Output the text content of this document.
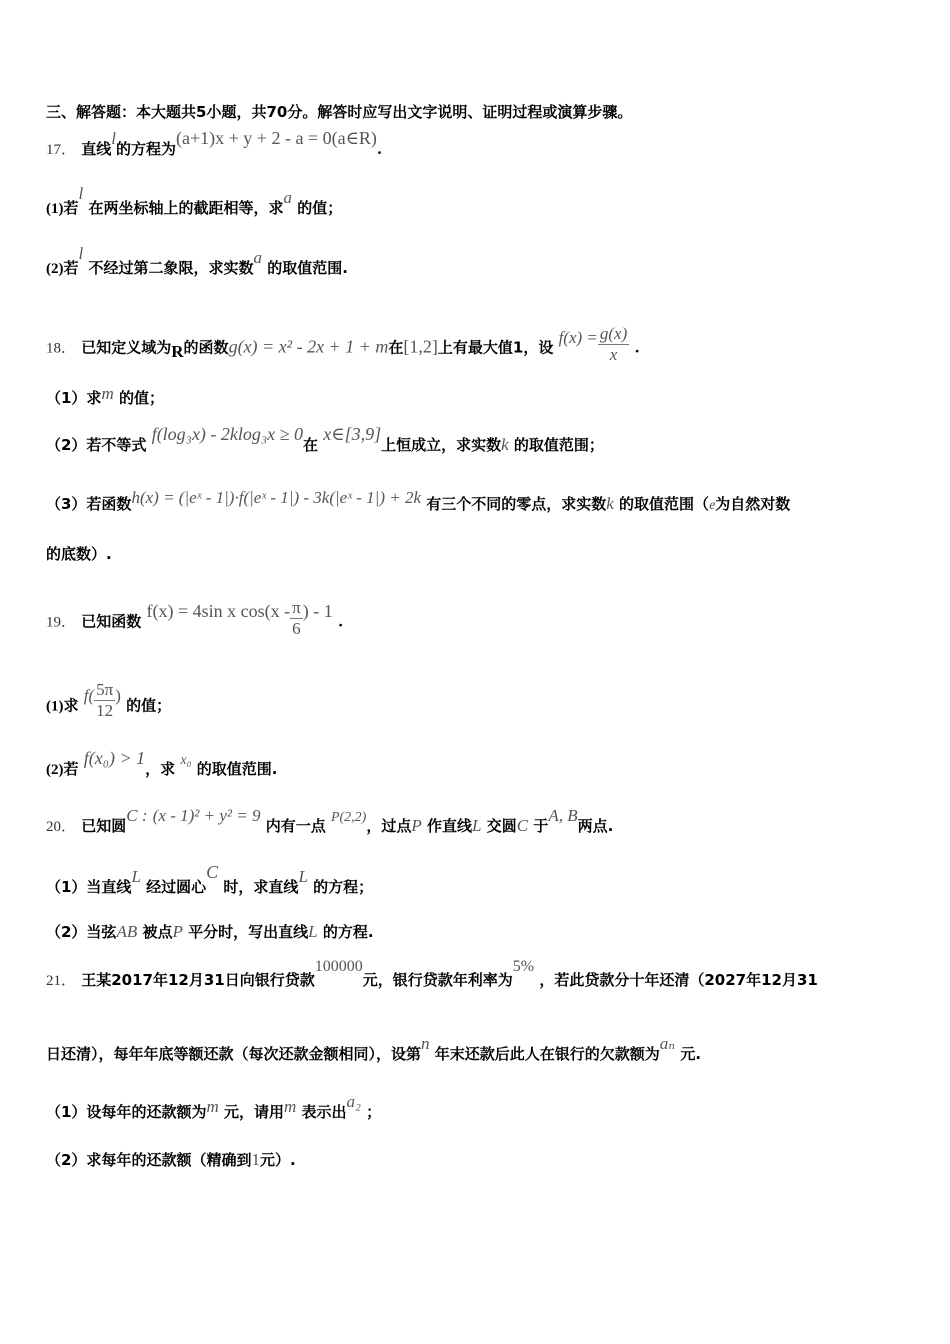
三、解答题：本大题共5小题，共70分。解答时应写出文字说明、证明过程或演算步骤。
17． 直线l的方程为(a+1)x + y + 2 - a = 0(a∈R).
(1)若l 在两坐标轴上的截距相等，求a 的值；
(2)若l 不经过第二象限，求实数a 的取值范围.
18． 已知定义域为R的函数g(x) = x² - 2x + 1 + m在[1,2]上有最大值1，设 $f(x) = \frac{g(x)}{x}$ .
（1）求m 的值；
（2）若不等式 f(log₃x) - 2klog₃x ≥ 0在 x∈[3,9]上恒成立，求实数k 的取值范围；
（3）若函数h(x) = (|eˣ - 1|)·f(|eˣ - 1|) - 3k(|eˣ - 1|) + 2k 有三个不同的零点，求实数k 的取值范围（e为自然对数
的底数）.
19． 已知函数 f(x) = 4sin x $\cos(x - \frac{\pi}{6}$ ) - 1 .
(1)求 $f( \frac{5\pi}{12}$ ) 的值；
(2)若 f(x₀) > 1，求 x₀ 的取值范围.
20． 已知圆C : (x - 1)² + y² = 9 内有一点 P(2,2)，过点P 作直线L 交圆C 于A, B两点.
（1）当直线L 经过圆心C 时，求直线L 的方程；
（2）当弦AB 被点P 平分时，写出直线L 的方程.
21． 王某2017年12月31日向银行贷款100000元，银行贷款年利率为5% ，若此贷款分十年还清（2027年12月31
日还清），每年年底等额还款（每次还款金额相同），设第n 年末还款后此人在银行的欠款额为aₙ 元.
（1）设每年的还款额为m 元，请用m 表示出a₂ ；
（2）求每年的还款额（精确到1元）.
